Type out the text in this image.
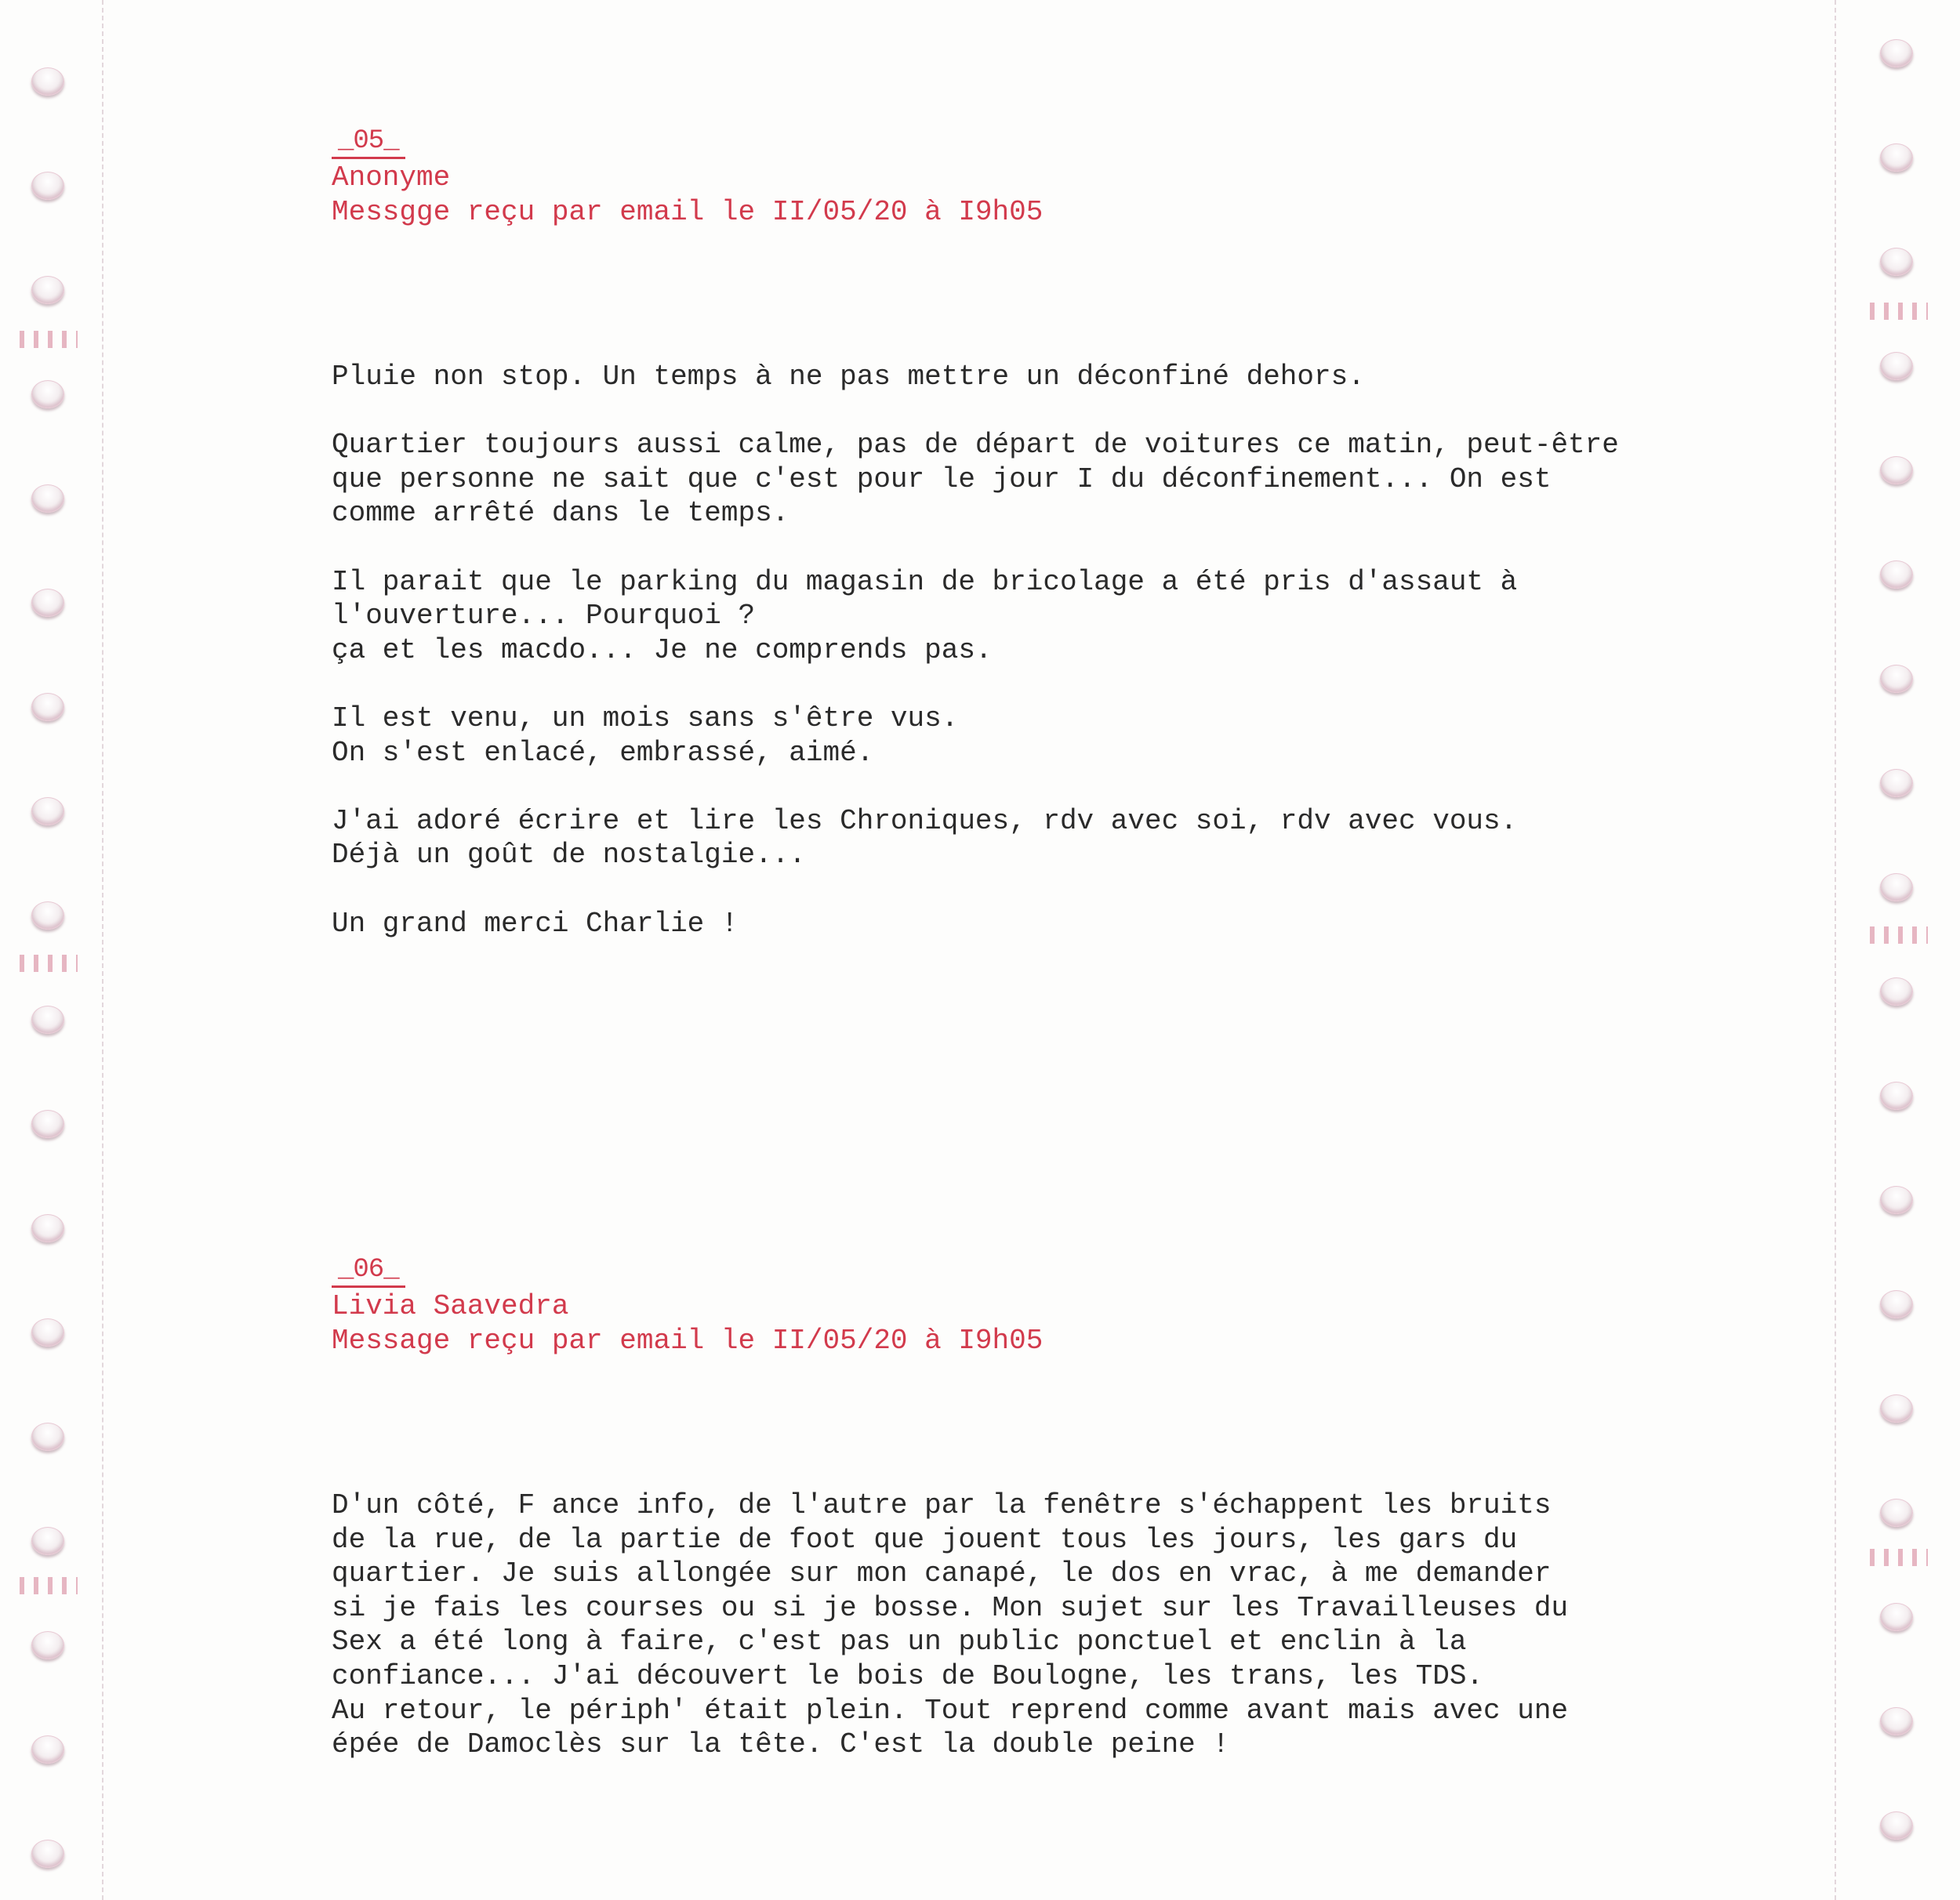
_05_
Anonyme
Messgge reçu par email le II/05/20 à I9h05
Pluie non stop. Un temps à ne pas mettre un déconfiné dehors.
Quartier toujours aussi calme, pas de départ de voitures ce matin, peut-être
que personne ne sait que c'est pour le jour I du déconfinement... On est
comme arrêté dans le temps.
Il parait que le parking du magasin de bricolage a été pris d'assaut à
l'ouverture... Pourquoi ?
ça et les macdo... Je ne comprends pas.
Il est venu, un mois sans s'être vus.
On s'est enlacé, embrassé, aimé.
J'ai adoré écrire et lire les Chroniques, rdv avec soi, rdv avec vous.
Déjà un goût de nostalgie...
Un grand merci Charlie !
_06_
Livia Saavedra
Message reçu par email le II/05/20 à I9h05
D'un côté, F ance info, de l'autre par la fenêtre s'échappent les bruits
de la rue, de la partie de foot que jouent tous les jours, les gars du
quartier. Je suis allongée sur mon canapé, le dos en vrac, à me demander
si je fais les courses ou si je bosse. Mon sujet sur les Travailleuses du
Sex a été long à faire, c'est pas un public ponctuel et enclin à la
confiance... J'ai découvert le bois de Boulogne, les trans, les TDS.
Au retour, le périph' était plein. Tout reprend comme avant mais avec une
épée de Damoclès sur la tête. C'est la double peine !
